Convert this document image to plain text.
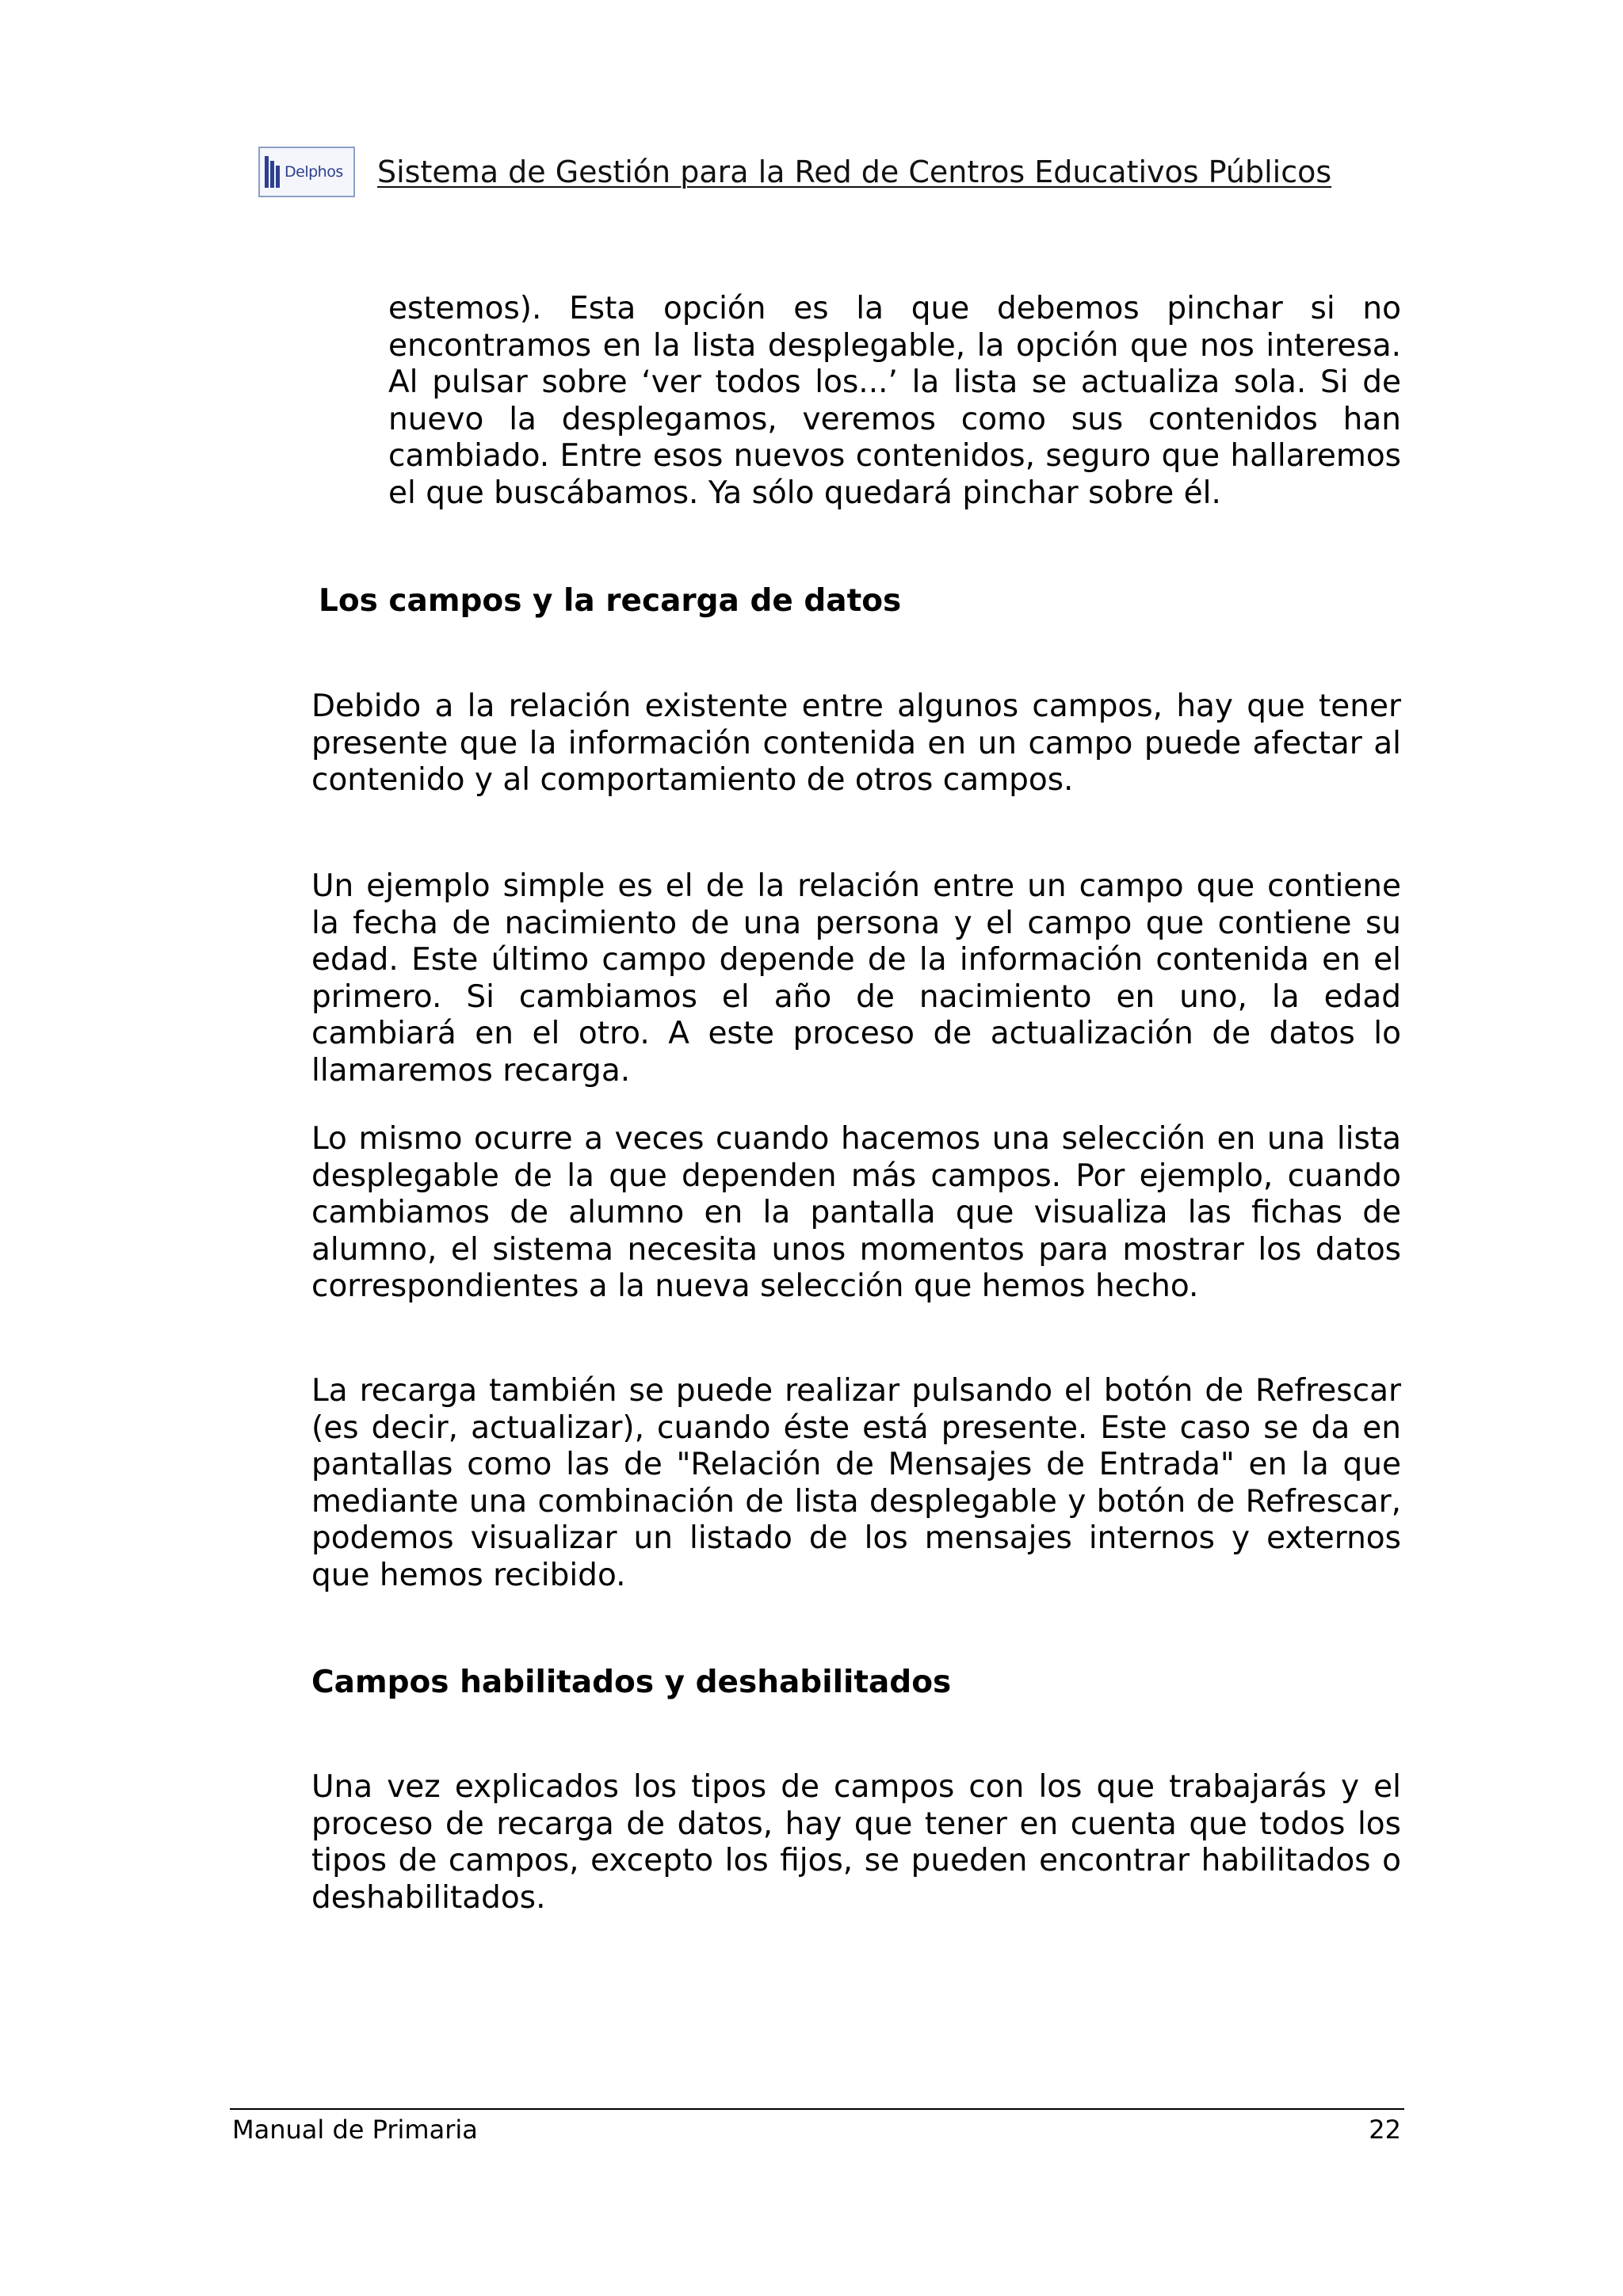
Delphos Sistema de Gestión para la Red de Centros Educativos Públicos

estemos). Esta opción es la que debemos pinchar si no encontramos en la lista desplegable, la opción que nos interesa. Al pulsar sobre ‘ver todos los...’ la lista se actualiza sola. Si de nuevo la desplegamos, veremos como sus contenidos han cambiado. Entre esos nuevos contenidos, seguro que hallaremos el que buscábamos. Ya sólo quedará pinchar sobre él.

Los campos y la recarga de datos

Debido a la relación existente entre algunos campos, hay que tener presente que la información contenida en un campo puede afectar al contenido y al comportamiento de otros campos.

Un ejemplo simple es el de la relación entre un campo que contiene la fecha de nacimiento de una persona y el campo que contiene su edad. Este último campo depende de la información contenida en el primero. Si cambiamos el año de nacimiento en uno, la edad cambiará en el otro. A este proceso de actualización de datos lo llamaremos recarga.

Lo mismo ocurre a veces cuando hacemos una selección en una lista desplegable de la que dependen más campos. Por ejemplo, cuando cambiamos de alumno en la pantalla que visualiza las fichas de alumno, el sistema necesita unos momentos para mostrar los datos correspondientes a la nueva selección que hemos hecho.

La recarga también se puede realizar pulsando el botón de Refrescar (es decir, actualizar), cuando éste está presente. Este caso se da en pantallas como las de "Relación de Mensajes de Entrada" en la que mediante una combinación de lista desplegable y botón de Refrescar, podemos visualizar un listado de los mensajes internos y externos que hemos recibido.

Campos habilitados y deshabilitados

Una vez explicados los tipos de campos con los que trabajarás y el proceso de recarga de datos, hay que tener en cuenta que todos los tipos de campos, excepto los fijos, se pueden encontrar habilitados o deshabilitados.

Manual de Primaria	22
